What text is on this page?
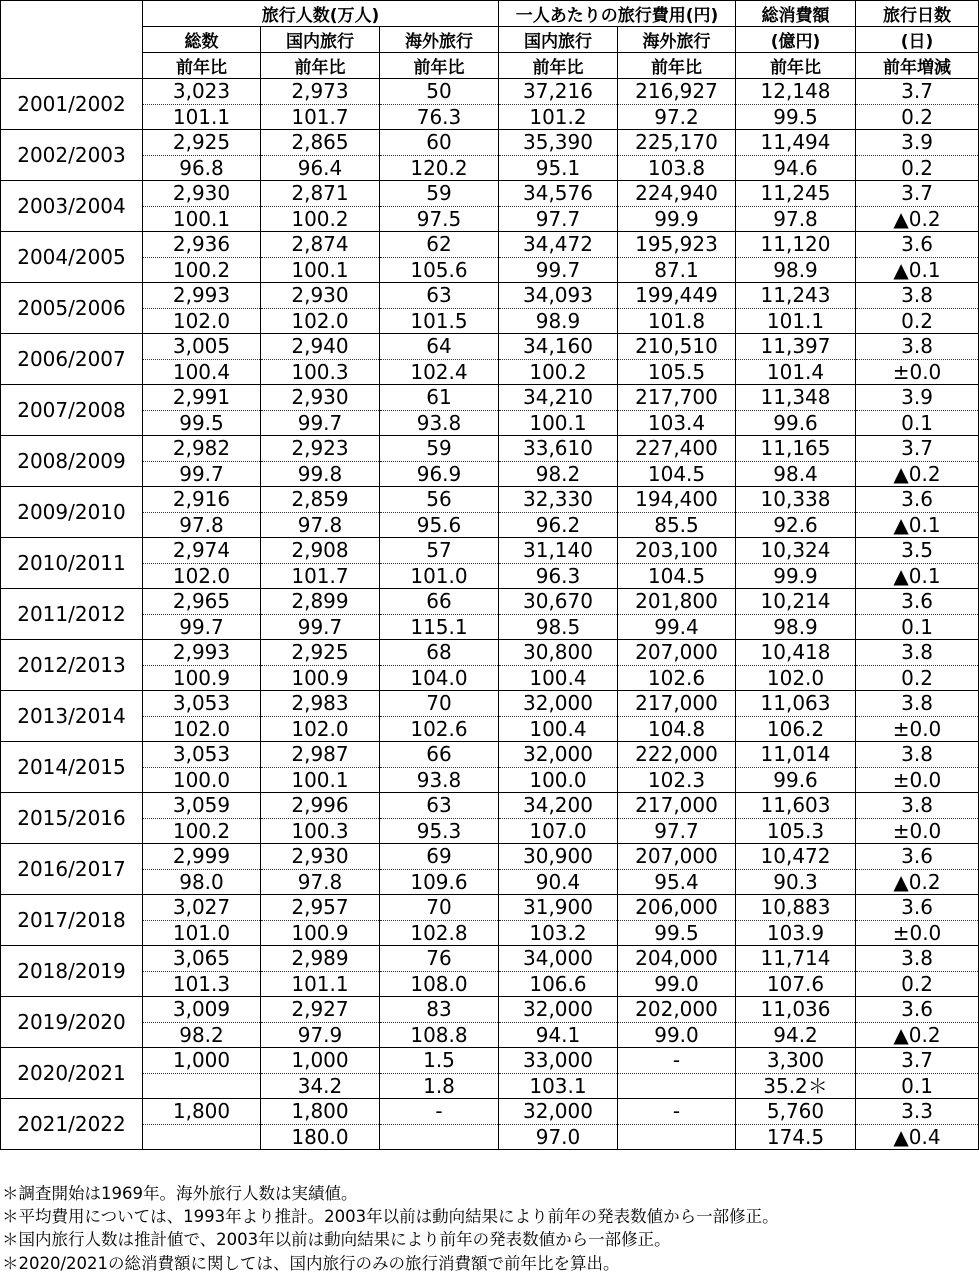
	旅行人数(万人)			一人あたりの旅行費用(円)		総消費額	旅行日数
	総数	国内旅行	海外旅行	国内旅行	海外旅行	(億円)	(日)
	前年比	前年比	前年比	前年比	前年比	前年比	前年増減
2001/2002	3,023	2,973	50	37,216	216,927	12,148	3.7
	101.1	101.7	76.3	101.2	97.2	99.5	0.2
2002/2003	2,925	2,865	60	35,390	225,170	11,494	3.9
	96.8	96.4	120.2	95.1	103.8	94.6	0.2
2003/2004	2,930	2,871	59	34,576	224,940	11,245	3.7
	100.1	100.2	97.5	97.7	99.9	97.8	▲0.2
2004/2005	2,936	2,874	62	34,472	195,923	11,120	3.6
	100.2	100.1	105.6	99.7	87.1	98.9	▲0.1
2005/2006	2,993	2,930	63	34,093	199,449	11,243	3.8
	102.0	102.0	101.5	98.9	101.8	101.1	0.2
2006/2007	3,005	2,940	64	34,160	210,510	11,397	3.8
	100.4	100.3	102.4	100.2	105.5	101.4	±0.0
2007/2008	2,991	2,930	61	34,210	217,700	11,348	3.9
	99.5	99.7	93.8	100.1	103.4	99.6	0.1
2008/2009	2,982	2,923	59	33,610	227,400	11,165	3.7
	99.7	99.8	96.9	98.2	104.5	98.4	▲0.2
2009/2010	2,916	2,859	56	32,330	194,400	10,338	3.6
	97.8	97.8	95.6	96.2	85.5	92.6	▲0.1
2010/2011	2,974	2,908	57	31,140	203,100	10,324	3.5
	102.0	101.7	101.0	96.3	104.5	99.9	▲0.1
2011/2012	2,965	2,899	66	30,670	201,800	10,214	3.6
	99.7	99.7	115.1	98.5	99.4	98.9	0.1
2012/2013	2,993	2,925	68	30,800	207,000	10,418	3.8
	100.9	100.9	104.0	100.4	102.6	102.0	0.2
2013/2014	3,053	2,983	70	32,000	217,000	11,063	3.8
	102.0	102.0	102.6	100.4	104.8	106.2	±0.0
2014/2015	3,053	2,987	66	32,000	222,000	11,014	3.8
	100.0	100.1	93.8	100.0	102.3	99.6	±0.0
2015/2016	3,059	2,996	63	34,200	217,000	11,603	3.8
	100.2	100.3	95.3	107.0	97.7	105.3	±0.0
2016/2017	2,999	2,930	69	30,900	207,000	10,472	3.6
	98.0	97.8	109.6	90.4	95.4	90.3	▲0.2
2017/2018	3,027	2,957	70	31,900	206,000	10,883	3.6
	101.0	100.9	102.8	103.2	99.5	103.9	±0.0
2018/2019	3,065	2,989	76	34,000	204,000	11,714	3.8
	101.3	101.1	108.0	106.6	99.0	107.6	0.2
2019/2020	3,009	2,927	83	32,000	202,000	11,036	3.6
	98.2	97.9	108.8	94.1	99.0	94.2	▲0.2
2020/2021	1,000	1,000	1.5	33,000	-	3,300	3.7
		34.2	1.8	103.1		35.2＊	0.1
2021/2022	1,800	1,800	-	32,000	-	5,760	3.3
		180.0		97.0		174.5	▲0.4
＊調査開始は1969年。海外旅行人数は実績値。
＊平均費用については、1993年より推計。2003年以前は動向結果により前年の発表数値から一部修正。
＊国内旅行人数は推計値で、2003年以前は動向結果により前年の発表数値から一部修正。
＊2020/2021の総消費額に関しては、国内旅行のみの旅行消費額で前年比を算出。
